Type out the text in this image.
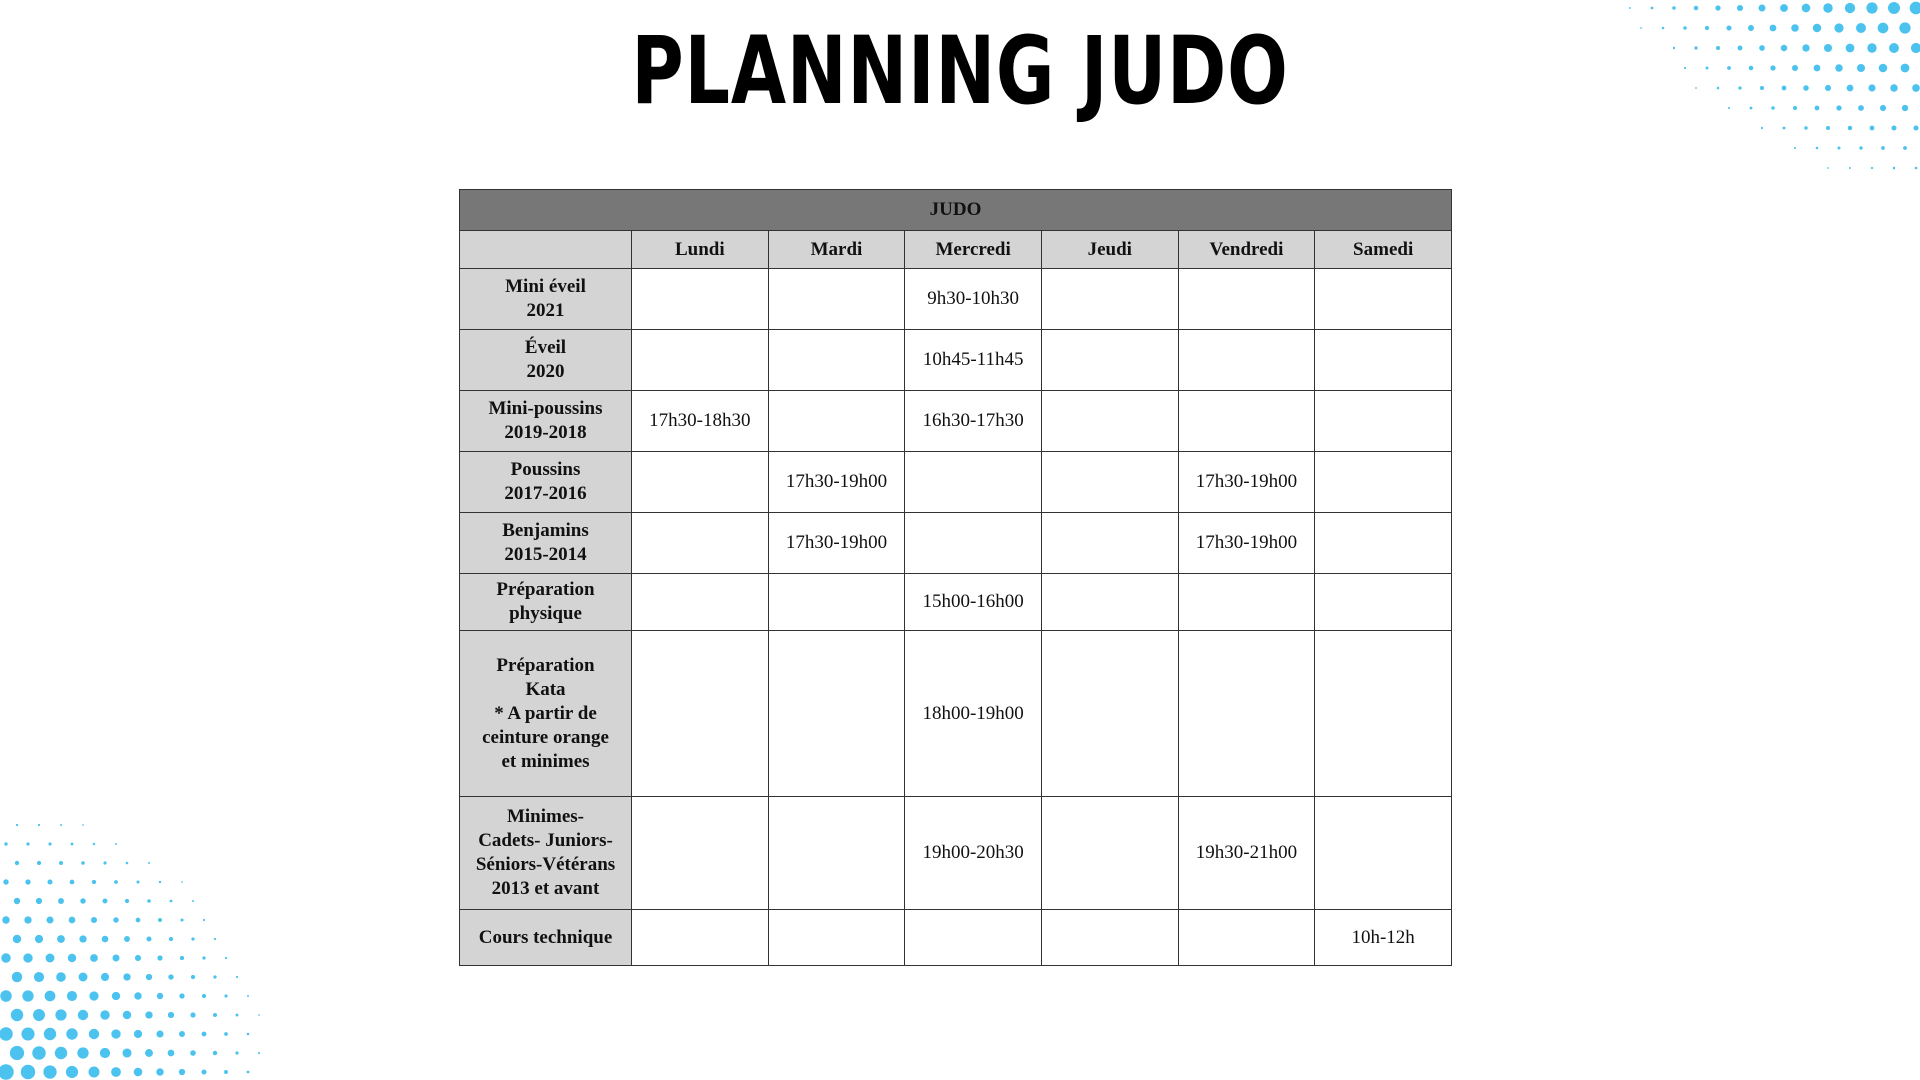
PLANNING JUDO
JUDO						
	Lundi	Mardi	Mercredi	Jeudi	Vendredi	Samedi
Mini éveil
2021			9h30-10h30			
Éveil
2020			10h45-11h45			
Mini-poussins
2019-2018	17h30-18h30		16h30-17h30			
Poussins
2017-2016		17h30-19h00			17h30-19h00	
Benjamins
2015-2014		17h30-19h00			17h30-19h00	
Préparation
physique			15h00-16h00			
Préparation
Kata
* A partir de
ceinture orange
et minimes			18h00-19h00			
Minimes-
Cadets- Juniors-
Séniors-Vétérans
2013 et avant			19h00-20h30		19h30-21h00	
Cours technique						10h-12h
